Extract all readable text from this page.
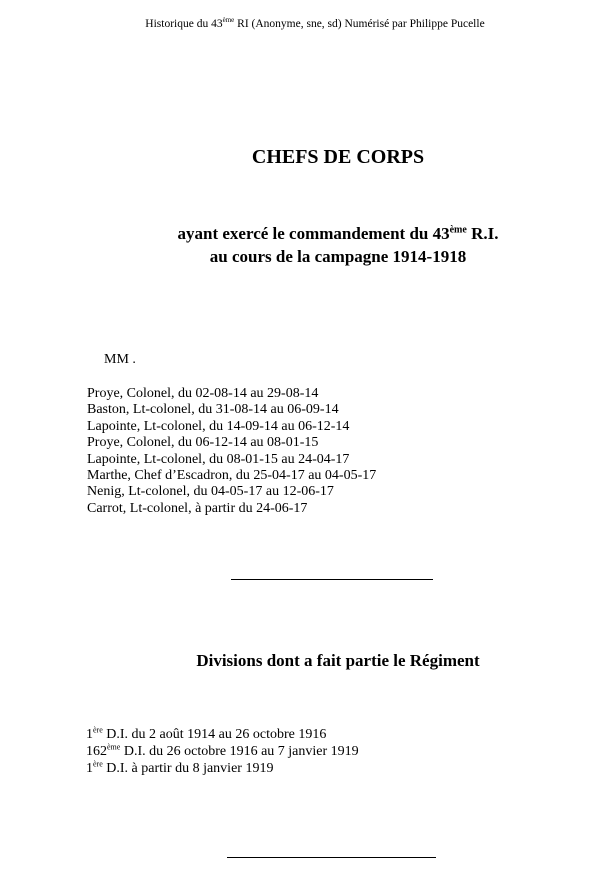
Historique du 43ème RI (Anonyme, sne, sd) Numérisé par Philippe Pucelle
CHEFS DE CORPS
ayant exercé le commandement du 43ème R.I.
au cours de la campagne 1914-1918
MM .
Proye, Colonel, du 02-08-14 au 29-08-14
Baston, Lt-colonel, du 31-08-14 au 06-09-14
Lapointe, Lt-colonel, du 14-09-14 au 06-12-14
Proye, Colonel, du 06-12-14 au 08-01-15
Lapointe, Lt-colonel, du 08-01-15 au 24-04-17
Marthe, Chef d’Escadron, du 25-04-17 au 04-05-17
Nenig, Lt-colonel, du 04-05-17 au 12-06-17
Carrot, Lt-colonel, à partir du 24-06-17
Divisions dont a fait partie le Régiment
1ère D.I. du 2 août 1914 au 26 octobre 1916
162ème D.I. du 26 octobre 1916 au 7 janvier 1919
1ère D.I. à partir du 8 janvier 1919
